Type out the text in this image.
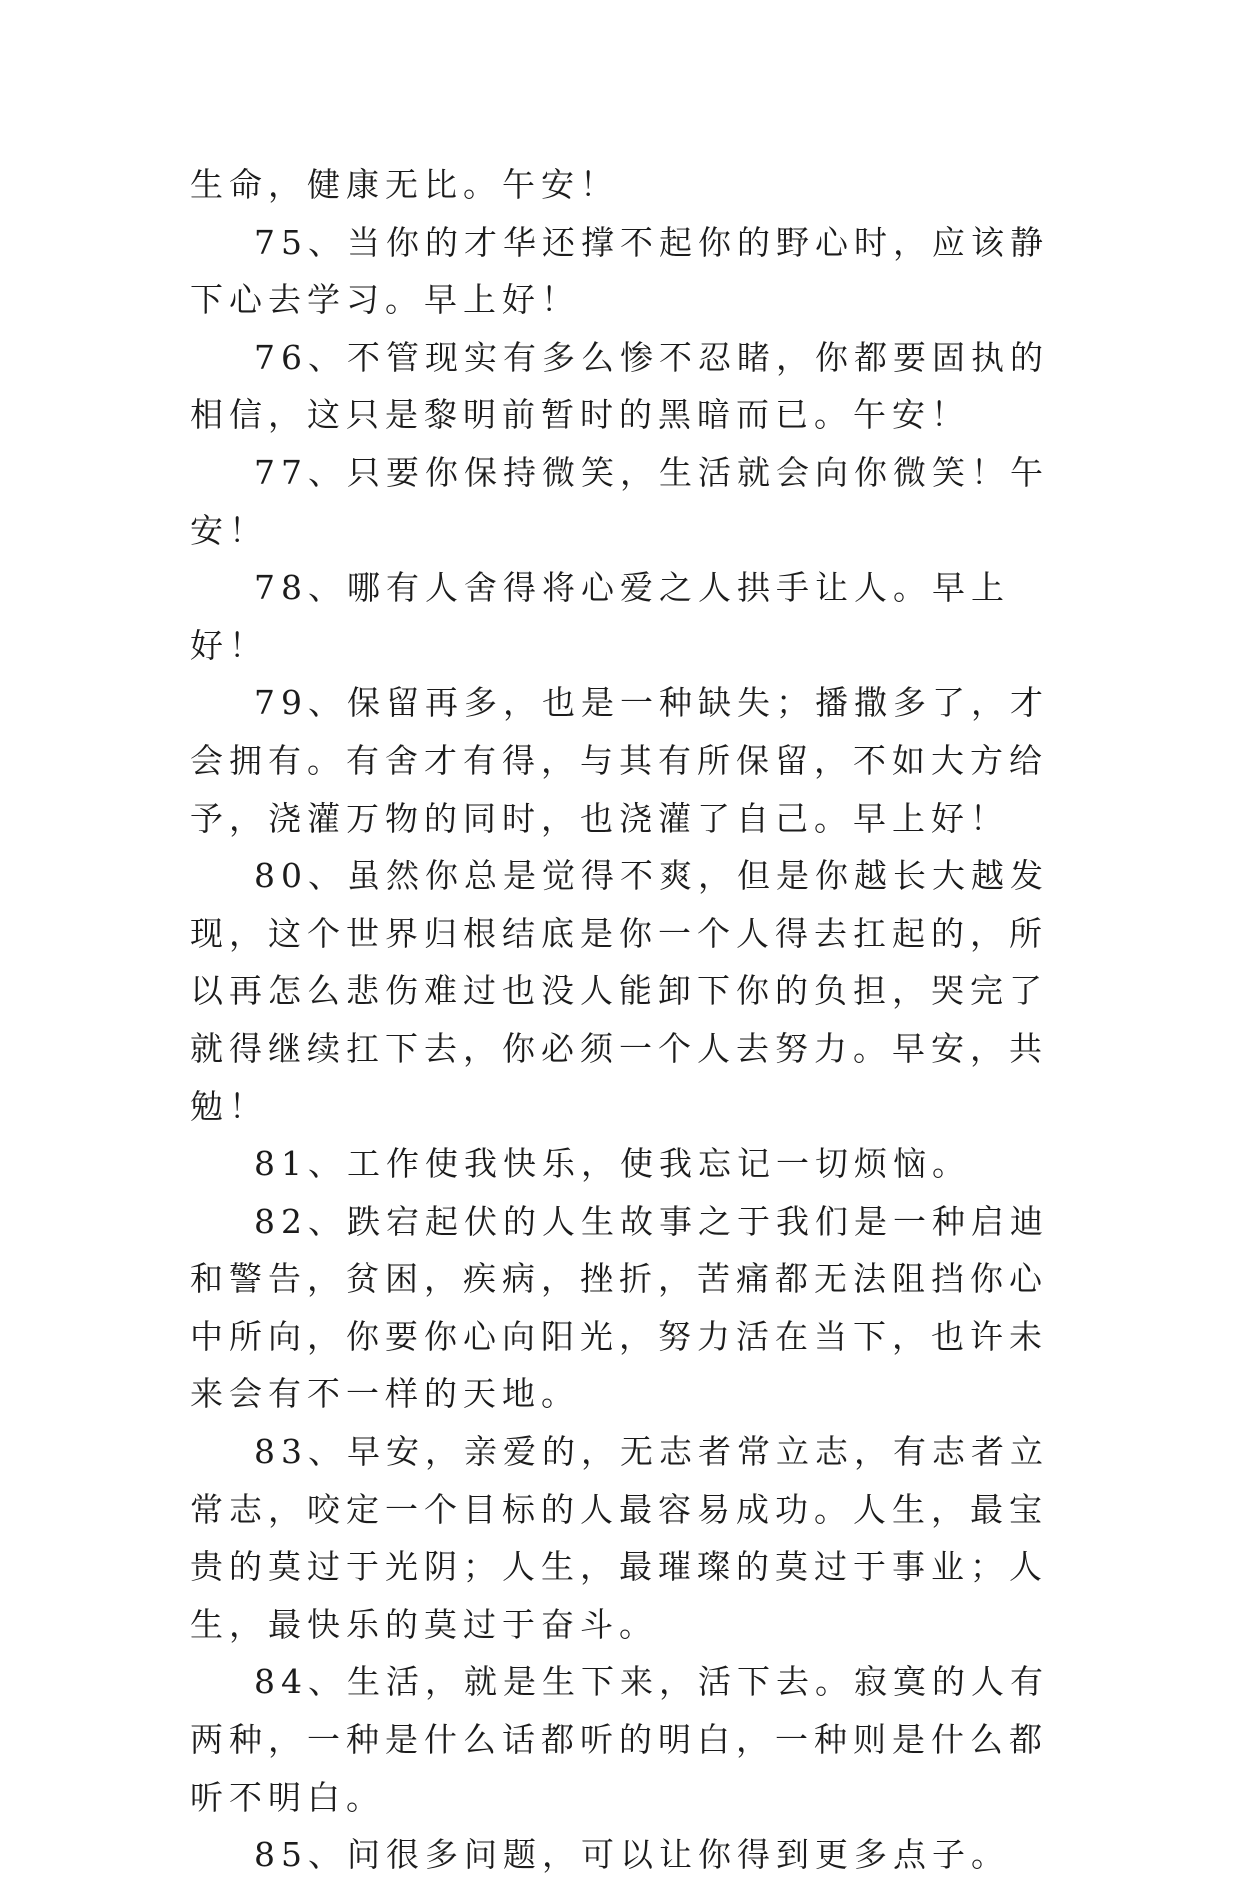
生命，健康无比。午安！

75、当你的才华还撑不起你的野心时，应该静下心去学习。早上好！

76、不管现实有多么惨不忍睹，你都要固执的相信，这只是黎明前暂时的黑暗而已。午安！

77、只要你保持微笑，生活就会向你微笑！午安！

78、哪有人舍得将心爱之人拱手让人。早上好！

79、保留再多，也是一种缺失；播撒多了，才会拥有。有舍才有得，与其有所保留，不如大方给予，浇灌万物的同时，也浇灌了自己。早上好！

80、虽然你总是觉得不爽，但是你越长大越发现，这个世界归根结底是你一个人得去扛起的，所以再怎么悲伤难过也没人能卸下你的负担，哭完了就得继续扛下去，你必须一个人去努力。早安，共勉！

81、工作使我快乐，使我忘记一切烦恼。

82、跌宕起伏的人生故事之于我们是一种启迪和警告，贫困，疾病，挫折，苦痛都无法阻挡你心中所向，你要你心向阳光，努力活在当下，也许未来会有不一样的天地。

83、早安，亲爱的，无志者常立志，有志者立常志，咬定一个目标的人最容易成功。人生，最宝贵的莫过于光阴；人生，最璀璨的莫过于事业；人生，最快乐的莫过于奋斗。

84、生活，就是生下来，活下去。寂寞的人有两种，一种是什么话都听的明白，一种则是什么都听不明白。

85、问很多问题，可以让你得到更多点子。
